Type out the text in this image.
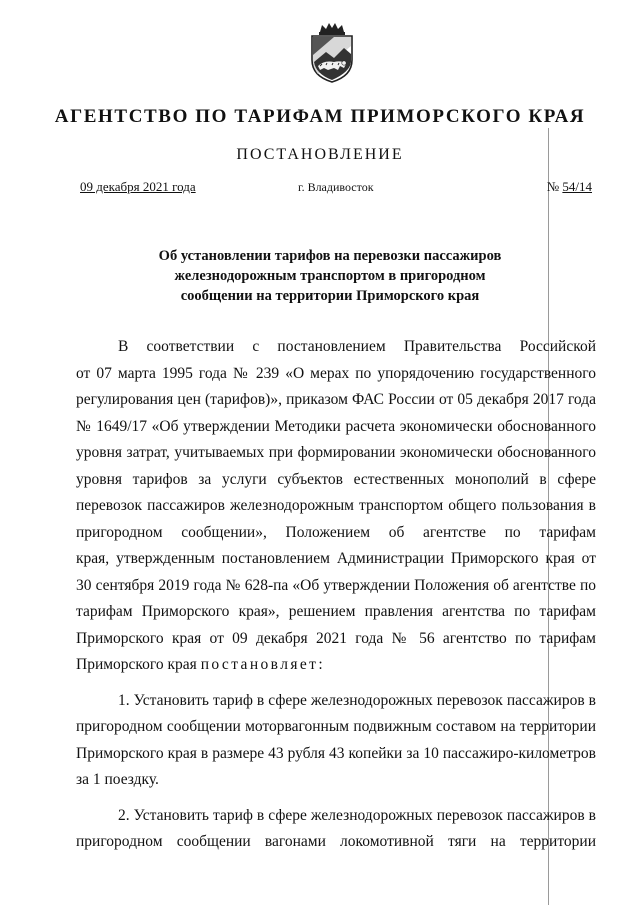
АГЕНТСТВО ПО ТАРИФАМ ПРИМОРСКОГО КРАЯ
ПОСТАНОВЛЕНИЕ
09 декабря 2021 года	г. Владивосток	№ 54/14
Об установлении тарифов на перевозки пассажиров
железнодорожным транспортом в пригородном
сообщении на территории Приморского края
В соответствии с постановлением Правительства Российской
от 07 марта 1995 года № 239 «О мерах по упорядочению государственного
регулирования цен (тарифов)», приказом ФАС России от 05 декабря 2017 года
№ 1649/17 «Об утверждении Методики расчета экономически обоснованного
уровня затрат, учитываемых при формировании экономически обоснованного
уровня тарифов за услуги субъектов естественных монополий в сфере
перевозок пассажиров железнодорожным транспортом общего пользования в
пригородном сообщении», Положением об агентстве по тарифам
края, утвержденным постановлением Администрации Приморского края от
30 сентября 2019 года № 628-па «Об утверждении Положения об агентстве по
тарифам Приморского края», решением правления агентства по тарифам
Приморского края от 09 декабря 2021 года № 56 агентство по тарифам
Приморского края постановляет:
1. Установить тариф в сфере железнодорожных перевозок пассажиров в
пригородном сообщении моторвагонным подвижным составом на территории
Приморского края в размере 43 рубля 43 копейки за 10 пассажиро-километров
за 1 поездку.
2. Установить тариф в сфере железнодорожных перевозок пассажиров в
пригородном сообщении вагонами локомотивной тяги на территории
